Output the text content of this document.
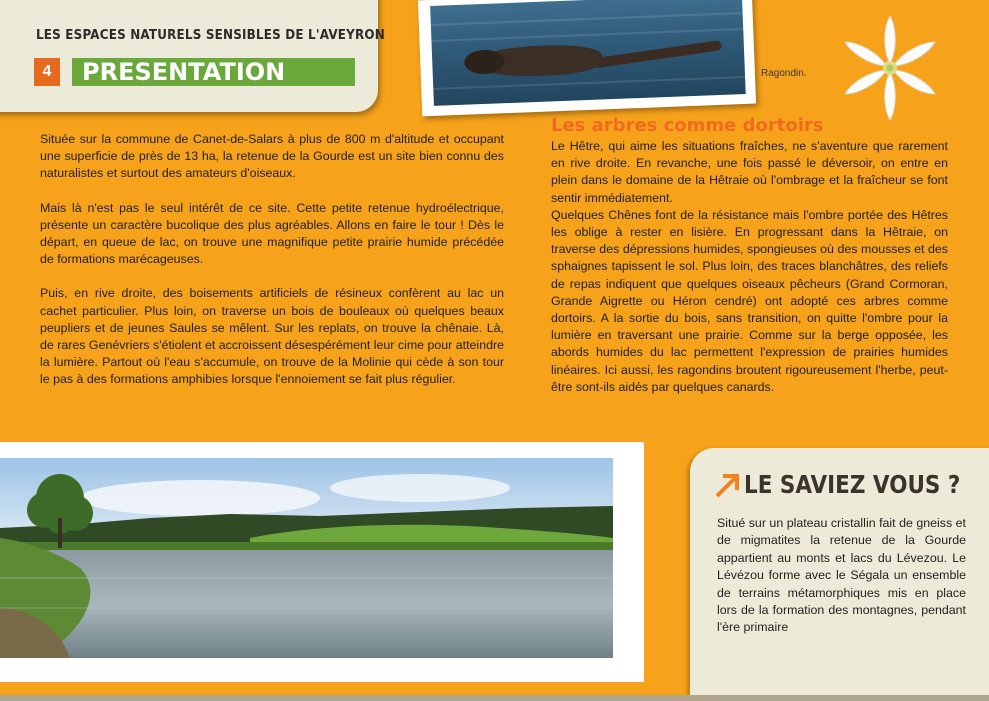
LES ESPACES NATURELS SENSIBLES DE L'AVEYRON
4	PRESENTATION	Ragondin.

Située sur la commune de Canet-de-Salars à plus de 800 m d'altitude et occupant une superficie de près de 13 ha, la retenue de la Gourde est un site bien connu des naturalistes et surtout des amateurs d'oiseaux.

Mais là n'est pas le seul intérêt de ce site. Cette petite retenue hydroélectrique, présente un caractère bucolique des plus agréables. Allons en faire le tour ! Dès le départ, en queue de lac, on trouve une magnifique petite prairie humide précédée de formations marécageuses.

Puis, en rive droite, des boisements artificiels de résineux confèrent au lac un cachet particulier. Plus loin, on traverse un bois de bouleaux où quelques beaux peupliers et de jeunes Saules se mêlent. Sur les replats, on trouve la chênaie. Là, de rares Genévriers s'étiolent et accroissent désespérément leur cime pour atteindre la lumière. Partout où l'eau s'accumule, on trouve de la Molinie qui cède à son tour le pas à des formations amphibies lorsque l'ennoiement se fait plus régulier.

Les arbres comme dortoirs

Le Hêtre, qui aime les situations fraîches, ne s'aventure que rarement en rive droite. En revanche, une fois passé le déversoir, on entre en plein dans le domaine de la Hêtraie où l'ombrage et la fraîcheur se font sentir immédiatement.

Quelques Chênes font de la résistance mais l'ombre portée des Hêtres les oblige à rester en lisière. En progressant dans la Hêtraie, on traverse des dépressions humides, spongieuses où des mousses et des sphaignes tapissent le sol. Plus loin, des traces blanchâtres, des reliefs de repas indiquent que quelques oiseaux pêcheurs (Grand Cormoran, Grande Aigrette ou Héron cendré) ont adopté ces arbres comme dortoirs. A la sortie du bois, sans transition, on quitte l'ombre pour la lumière en traversant une prairie. Comme sur la berge opposée, les abords humides du lac permettent l'expression de prairies humides linéaires. Ici aussi, les ragondins broutent rigoureusement l'herbe, peut-être sont-ils aidés par quelques canards.

LE SAVIEZ VOUS ?
Situé sur un plateau cristallin fait de gneiss et de migmatites la retenue de la Gourde appartient au monts et lacs du Lévezou. Le Lévézou forme avec le Ségala un ensemble de terrains métamorphiques mis en place lors de la formation des montagnes, pendant l'ère primaire
